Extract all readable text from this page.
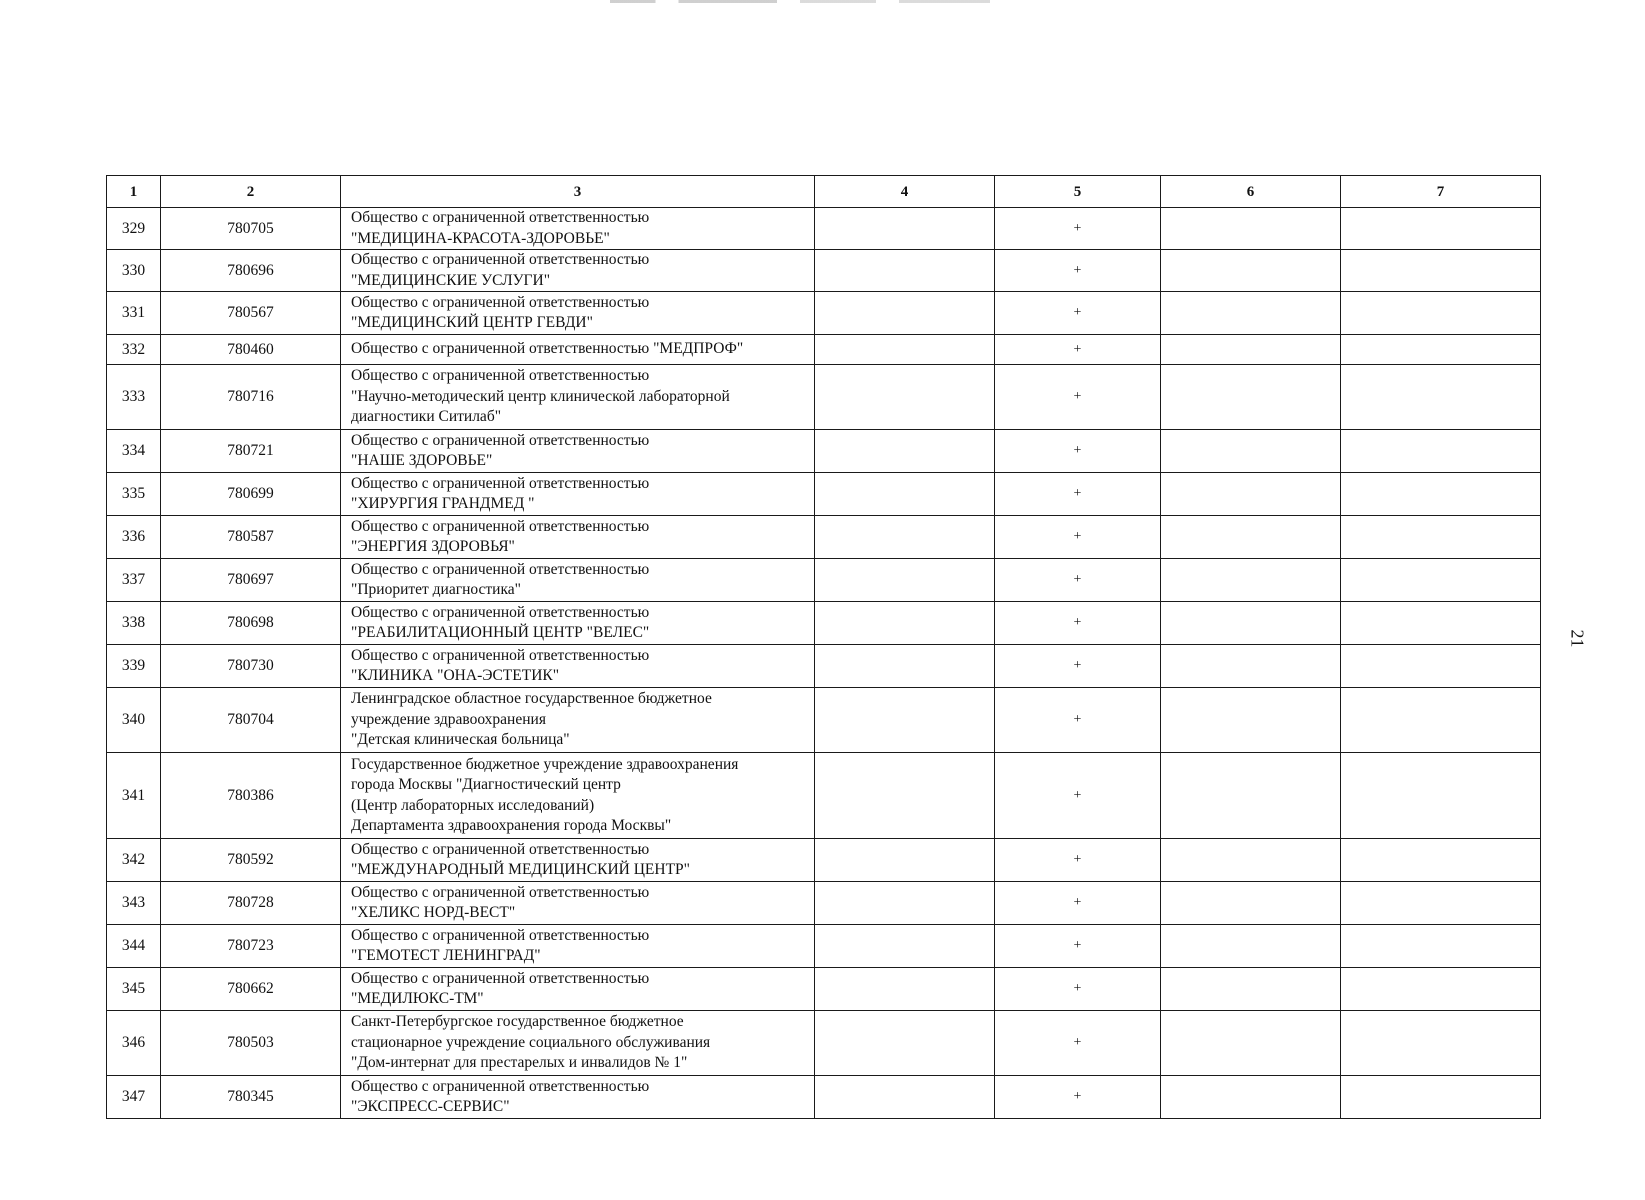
1	2	3	4	5	6	7
329	780705	Общество с ограниченной ответственностью
"МЕДИЦИНА-КРАСОТА-ЗДОРОВЬЕ"		+		
330	780696	Общество с ограниченной ответственностью
"МЕДИЦИНСКИЕ УСЛУГИ"		+		
331	780567	Общество с ограниченной ответственностью
"МЕДИЦИНСКИЙ ЦЕНТР ГЕВДИ"		+		
332	780460	Общество с ограниченной ответственностью "МЕДПРОФ"		+		
333	780716	Общество с ограниченной ответственностью
"Научно-методический центр клинической лабораторной
диагностики Ситилаб"		+		
334	780721	Общество с ограниченной ответственностью
"НАШЕ ЗДОРОВЬЕ"		+		
335	780699	Общество с ограниченной ответственностью
"ХИРУРГИЯ ГРАНДМЕД "		+		
336	780587	Общество с ограниченной ответственностью
"ЭНЕРГИЯ ЗДОРОВЬЯ"		+		
337	780697	Общество с ограниченной ответственностью
"Приоритет диагностика"		+		
338	780698	Общество с ограниченной ответственностью
"РЕАБИЛИТАЦИОННЫЙ ЦЕНТР "ВЕЛЕС"		+		
339	780730	Общество с ограниченной ответственностью
"КЛИНИКА "ОНА-ЭСТЕТИК"		+		
340	780704	Ленинградское областное государственное бюджетное
учреждение здравоохранения
"Детская клиническая больница"		+		
341	780386	Государственное бюджетное учреждение здравоохранения
города Москвы "Диагностический центр
(Центр лабораторных исследований)
Департамента здравоохранения города Москвы"		+		
342	780592	Общество с ограниченной ответственностью
"МЕЖДУНАРОДНЫЙ МЕДИЦИНСКИЙ ЦЕНТР"		+		
343	780728	Общество с ограниченной ответственностью
"ХЕЛИКС НОРД-ВЕСТ"		+		
344	780723	Общество с ограниченной ответственностью
"ГЕМОТЕСТ ЛЕНИНГРАД"		+		
345	780662	Общество с ограниченной ответственностью
"МЕДИЛЮКС-ТМ"		+		
346	780503	Санкт-Петербургское государственное бюджетное
стационарное учреждение социального обслуживания
"Дом-интернат для престарелых и инвалидов № 1"		+		
347	780345	Общество с ограниченной ответственностью
"ЭКСПРЕСС-СЕРВИС"		+		
21
